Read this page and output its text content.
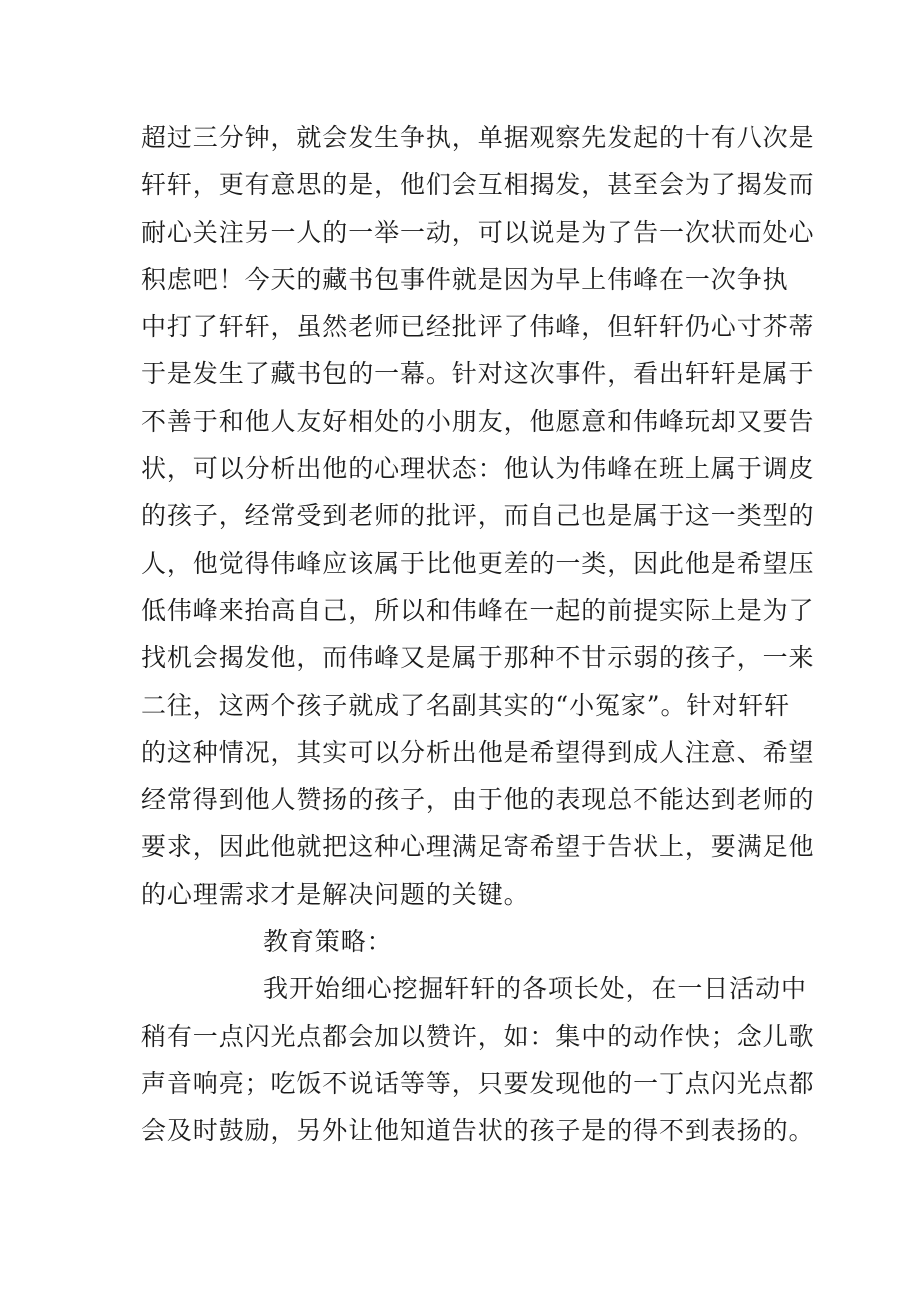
超过三分钟，就会发生争执，单据观察先发起的十有八次是
轩轩，更有意思的是，他们会互相揭发，甚至会为了揭发而
耐心关注另一人的一举一动，可以说是为了告一次状而处心
积虑吧！今天的藏书包事件就是因为早上伟峰在一次争执
中打了轩轩，虽然老师已经批评了伟峰，但轩轩仍心寸芥蒂
于是发生了藏书包的一幕。针对这次事件，看出轩轩是属于
不善于和他人友好相处的小朋友，他愿意和伟峰玩却又要告
状，可以分析出他的心理状态：他认为伟峰在班上属于调皮
的孩子，经常受到老师的批评，而自己也是属于这一类型的
人，他觉得伟峰应该属于比他更差的一类，因此他是希望压
低伟峰来抬高自己，所以和伟峰在一起的前提实际上是为了
找机会揭发他，而伟峰又是属于那种不甘示弱的孩子，一来
二往，这两个孩子就成了名副其实的“小冤家”。针对轩轩
的这种情况，其实可以分析出他是希望得到成人注意、希望
经常得到他人赞扬的孩子，由于他的表现总不能达到老师的
要求，因此他就把这种心理满足寄希望于告状上，要满足他
的心理需求才是解决问题的关键。
教育策略：
我开始细心挖掘轩轩的各项长处，在一日活动中
稍有一点闪光点都会加以赞许，如：集中的动作快；念儿歌
声音响亮；吃饭不说话等等，只要发现他的一丁点闪光点都
会及时鼓励，另外让他知道告状的孩子是的得不到表扬的。
